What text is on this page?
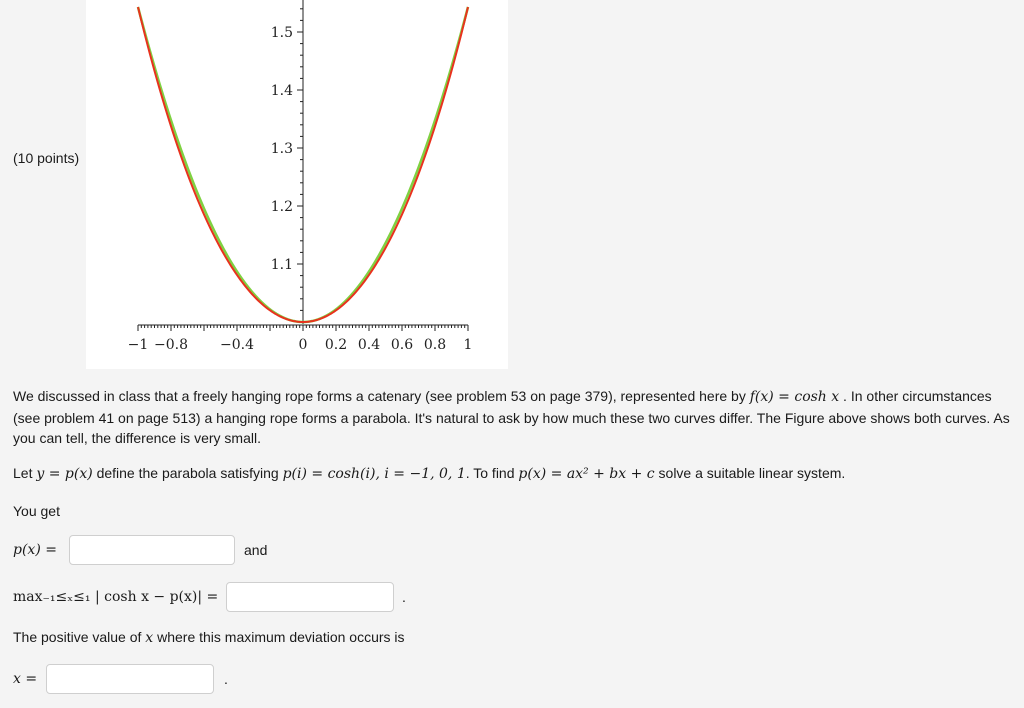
(10 points)
1.5
1.4
1.3
1.2
1.1
−1 −0.8 −0.4	0 0.2 0.4 0.6 0.8 1
We discussed in class that a freely hanging rope forms a catenary (see problem 53 on page 379), represented here by f(x) = cosh x . In other circumstances (see problem 41 on page 513) a hanging rope forms a parabola. It's natural to ask by how much these two curves differ. The Figure above shows both curves. As you can tell, the difference is very small.
Let y = p(x) define the parabola satisfying p(i) = cosh(i), i = −1, 0, 1. To find p(x) = ax² + bx + c solve a suitable linear system.
You get
p(x) =	and
max₋₁≤ₓ≤₁ | cosh x − p(x)| =	.
The positive value of x where this maximum deviation occurs is
x =	.
